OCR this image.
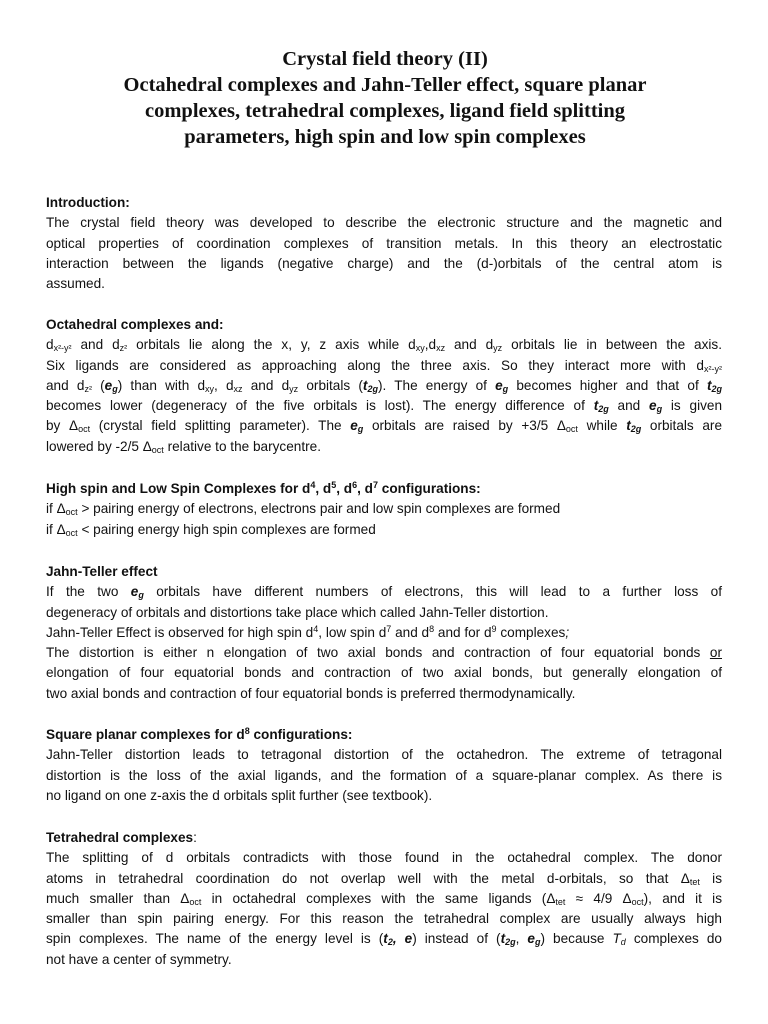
Crystal field theory (II)
Octahedral complexes and Jahn-Teller effect, square planar
complexes, tetrahedral complexes, ligand field splitting
parameters, high spin and low spin complexes
Introduction:
The crystal field theory was developed to describe the electronic structure and the magnetic and
optical properties of coordination complexes of transition metals. In this theory an electrostatic
interaction between the ligands (negative charge) and the (d-)orbitals of the central atom is
assumed.
Octahedral complexes and:
$d_{x^2-y^2}$ and $d_{z^2}$ orbitals lie along the x, y, z axis while $d_{xy},d_{xz}$ and $d_{yz}$ orbitals lie in between the axis.
Six ligands are considered as approaching along the three axis. So they interact more with $d_{x^2-y^2}$
and $d_{z^2}$ $(e_g)$ than with $d_{xy}$, $d_{xz}$ and $d_{yz}$ orbitals $(t_{2g})$. The energy of $e_g$ becomes higher and that of $t_{2g}$
becomes lower (degeneracy of the five orbitals is lost). The energy difference of $t_{2g}$ and $e_g$ is given
by $\Delta_{oct}$ (crystal field splitting parameter). The $e_g$ orbitals are raised by +3/5 $\Delta_{oct}$ while $t_{2g}$ orbitals are
lowered by -2/5 $\Delta_{oct}$ relative to the barycentre.
High spin and Low Spin Complexes for $d^4$, $d^5$, $d^6$, $d^7$ configurations:
if $\Delta_{oct}$ > pairing energy of electrons, electrons pair and low spin complexes are formed
if $\Delta_{oct}$ < pairing energy high spin complexes are formed
Jahn-Teller effect
If the two $e_g$ orbitals have different numbers of electrons, this will lead to a further loss of
degeneracy of orbitals and distortions take place which called Jahn-Teller distortion.
Jahn-Teller Effect is observed for high spin $d^4$, low spin $d^7$ and $d^8$ and for $d^9$ complexes;
The distortion is either n elongation of two axial bonds and contraction of four equatorial bonds or
elongation of four equatorial bonds and contraction of two axial bonds, but generally elongation of
two axial bonds and contraction of four equatorial bonds is preferred thermodynamically.
Square planar complexes for $d^8$ configurations:
Jahn-Teller distortion leads to tetragonal distortion of the octahedron. The extreme of tetragonal
distortion is the loss of the axial ligands, and the formation of a square-planar complex. As there is
no ligand on one z-axis the d orbitals split further (see textbook).
Tetrahedral complexes:
The splitting of d orbitals contradicts with those found in the octahedral complex. The donor
atoms in tetrahedral coordination do not overlap well with the metal d-orbitals, so that $\Delta_{tet}$ is
much smaller than $\Delta_{oct}$ in octahedral complexes with the same ligands ($\Delta_{tet} \approx 4/9$ $\Delta_{oct}$), and it is
smaller than spin pairing energy. For this reason the tetrahedral complex are usually always high
spin complexes. The name of the energy level is ($t_2$, e) instead of ($t_{2g}$, $e_g$) because $T_d$ complexes do
not have a center of symmetry.
